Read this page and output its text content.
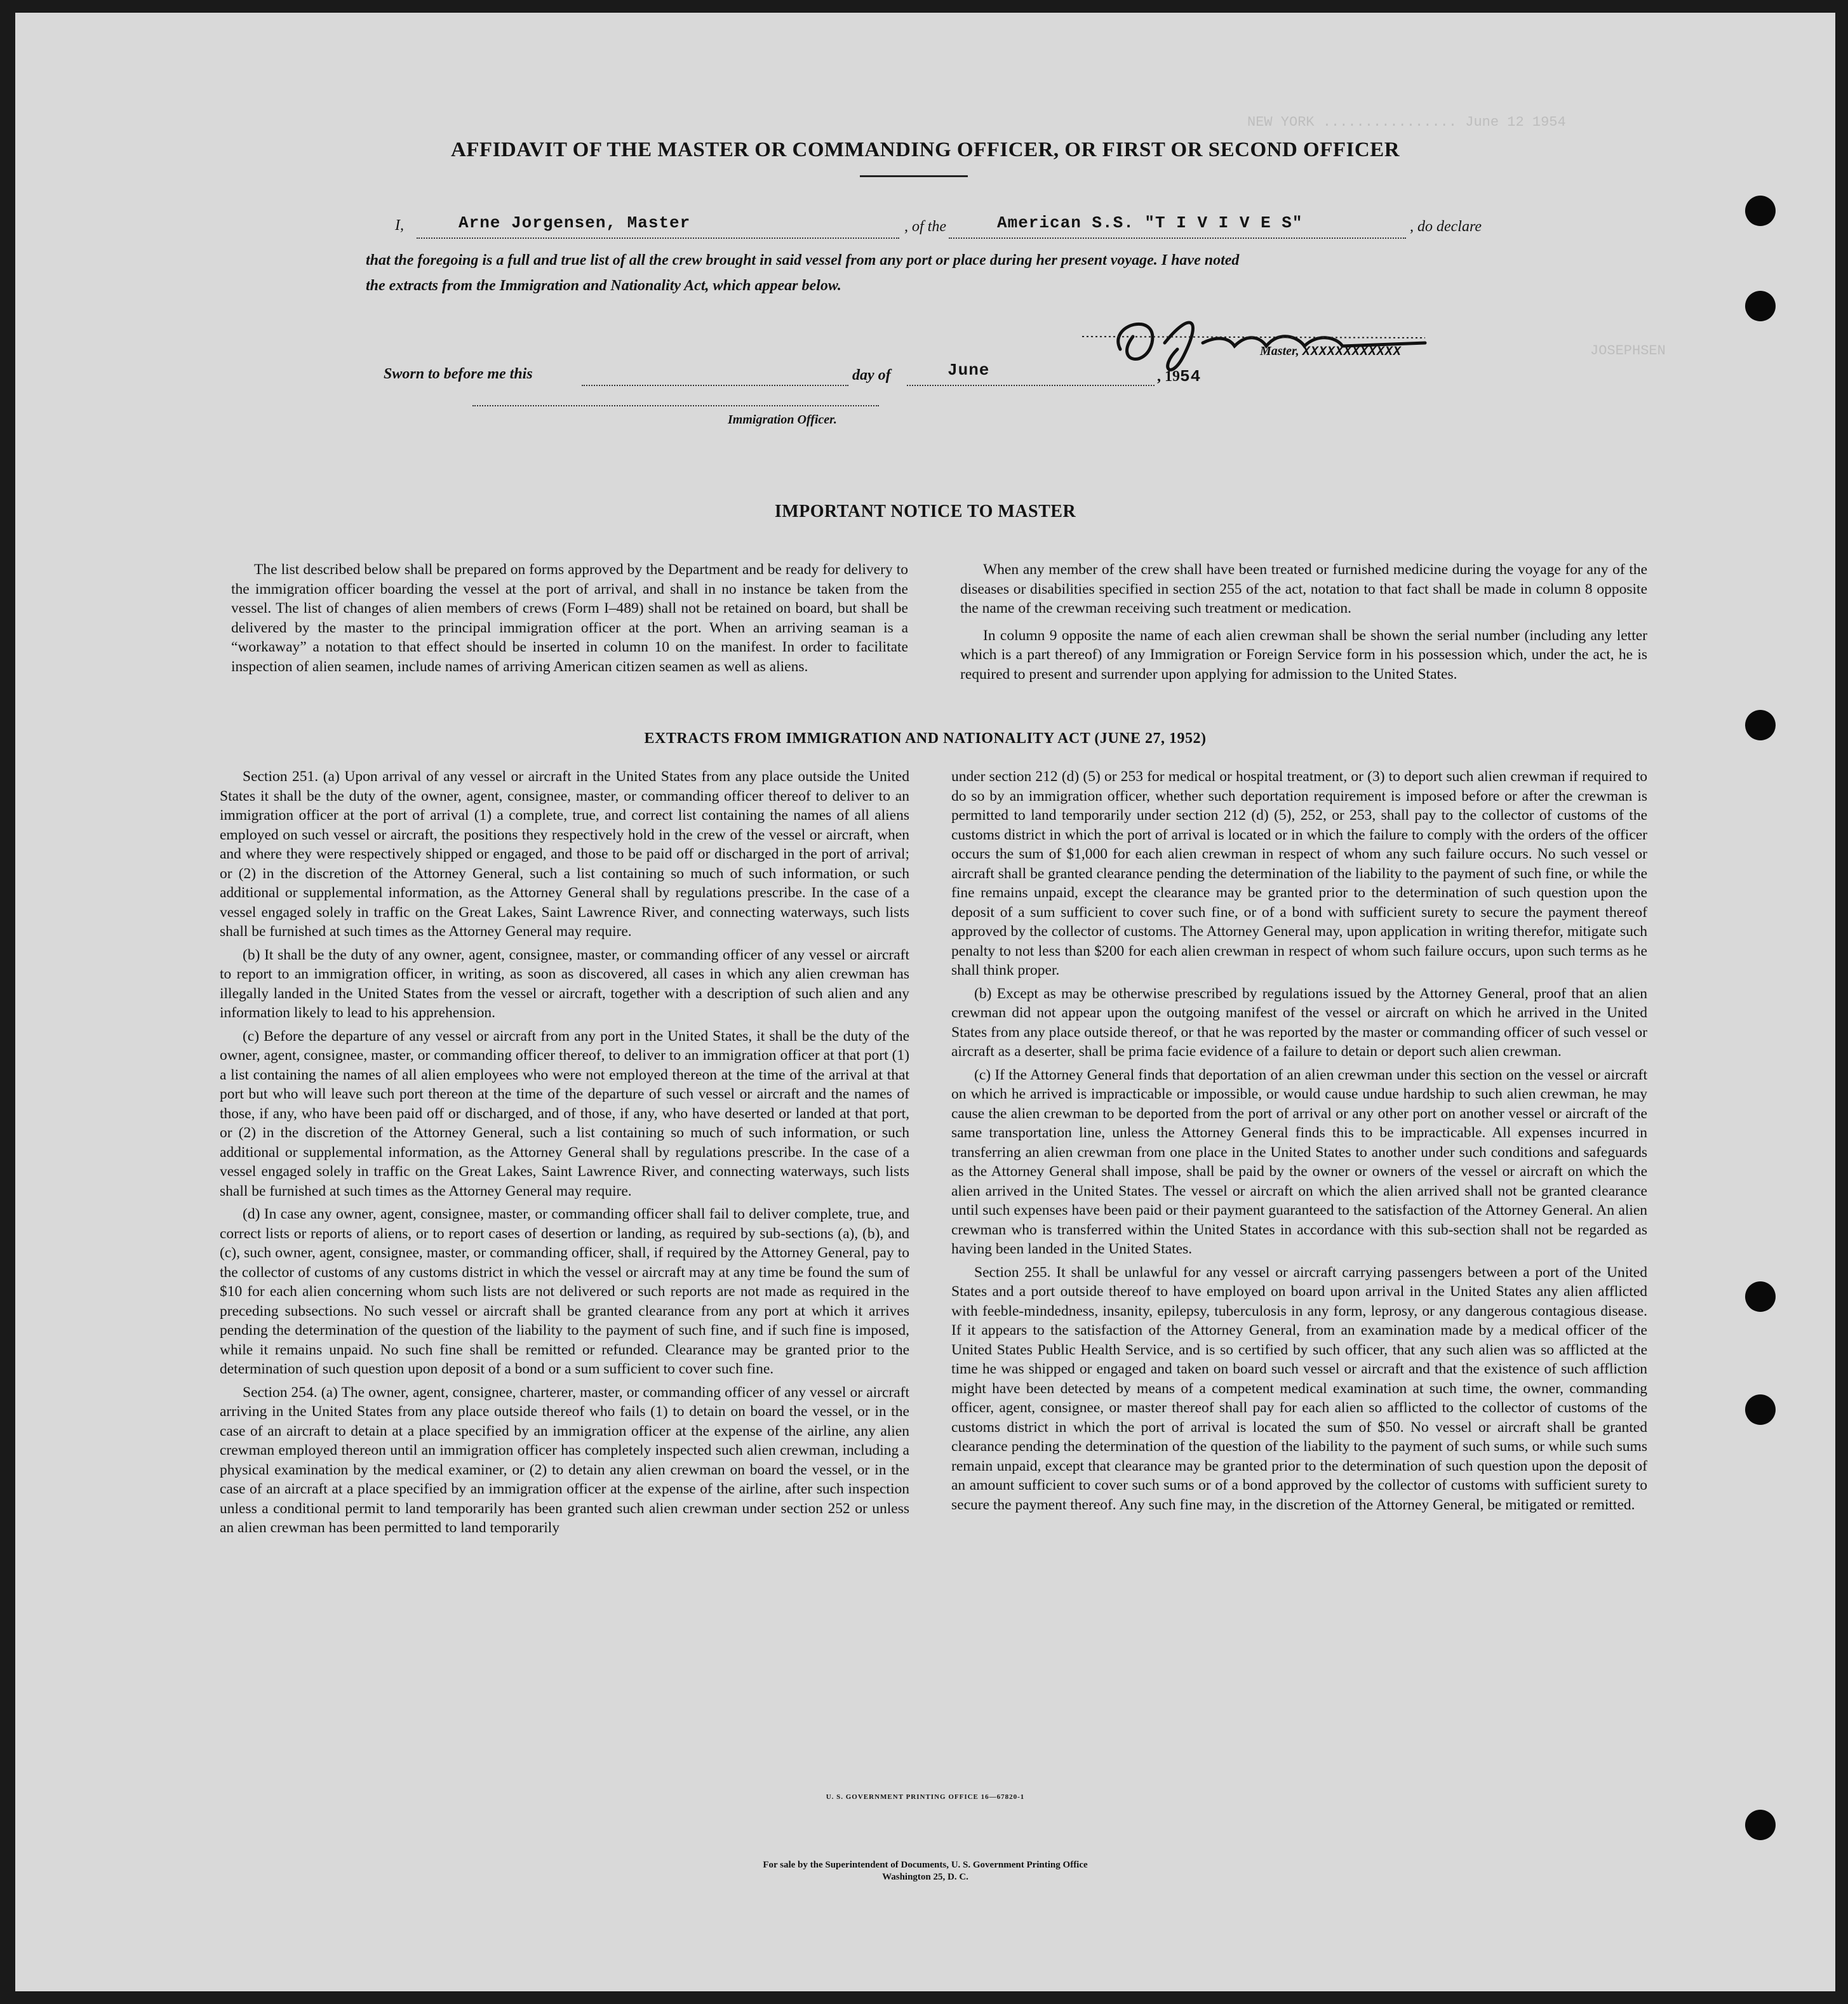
NEW YORK ................ June 12 1954
JOSEPHSEN
AFFIDAVIT OF THE MASTER OR COMMANDING OFFICER, OR FIRST OR SECOND OFFICER
I,	Arne Jorgensen, Master	, of the	American S.S. "T I V I V E S"	, do declare
that the foregoing is a full and true list of all the crew brought in said vessel from any port or place during her present voyage. I have noted
the extracts from the Immigration and Nationality Act, which appear below.
Master, XXXXXXXXXXXX
Sworn to before me this	day of	June	, 1954
Immigration Officer.
IMPORTANT NOTICE TO MASTER

The list described below shall be prepared on forms approved by the Department and be ready for delivery to the immigration officer boarding the vessel at the port of arrival, and shall in no instance be taken from the vessel. The list of changes of alien members of crews (Form I–489) shall not be retained on board, but shall be delivered by the master to the principal immigration officer at the port. When an arriving seaman is a “workaway” a notation to that effect should be inserted in column 10 on the manifest. In order to facilitate inspection of alien seamen, include names of arriving American citizen seamen as well as aliens.

When any member of the crew shall have been treated or furnished medicine during the voyage for any of the diseases or disabilities specified in section 255 of the act, notation to that fact shall be made in column 8 opposite the name of the crewman receiving such treatment or medication.

In column 9 opposite the name of each alien crewman shall be shown the serial number (including any letter which is a part thereof) of any Immigration or Foreign Service form in his possession which, under the act, he is required to present and surrender upon applying for admission to the United States.

EXTRACTS FROM IMMIGRATION AND NATIONALITY ACT (JUNE 27, 1952)

Section 251. (a) Upon arrival of any vessel or aircraft in the United States from any place outside the United States it shall be the duty of the owner, agent, consignee, master, or commanding officer thereof to deliver to an immigration officer at the port of arrival (1) a complete, true, and correct list containing the names of all aliens employed on such vessel or aircraft, the positions they respectively hold in the crew of the vessel or aircraft, when and where they were respectively shipped or engaged, and those to be paid off or discharged in the port of arrival; or (2) in the discretion of the Attorney General, such a list containing so much of such information, or such additional or supplemental information, as the Attorney General shall by regulations prescribe. In the case of a vessel engaged solely in traffic on the Great Lakes, Saint Lawrence River, and connecting waterways, such lists shall be furnished at such times as the Attorney General may require.

(b) It shall be the duty of any owner, agent, consignee, master, or commanding officer of any vessel or aircraft to report to an immigration officer, in writing, as soon as discovered, all cases in which any alien crewman has illegally landed in the United States from the vessel or aircraft, together with a description of such alien and any information likely to lead to his apprehension.

(c) Before the departure of any vessel or aircraft from any port in the United States, it shall be the duty of the owner, agent, consignee, master, or commanding officer thereof, to deliver to an immigration officer at that port (1) a list containing the names of all alien employees who were not employed thereon at the time of the arrival at that port but who will leave such port thereon at the time of the departure of such vessel or aircraft and the names of those, if any, who have been paid off or discharged, and of those, if any, who have deserted or landed at that port, or (2) in the discretion of the Attorney General, such a list containing so much of such information, or such additional or supplemental information, as the Attorney General shall by regulations prescribe. In the case of a vessel engaged solely in traffic on the Great Lakes, Saint Lawrence River, and connecting waterways, such lists shall be furnished at such times as the Attorney General may require.

(d) In case any owner, agent, consignee, master, or commanding officer shall fail to deliver complete, true, and correct lists or reports of aliens, or to report cases of desertion or landing, as required by sub-sections (a), (b), and (c), such owner, agent, consignee, master, or commanding officer, shall, if required by the Attorney General, pay to the collector of customs of any customs district in which the vessel or aircraft may at any time be found the sum of $10 for each alien concerning whom such lists are not delivered or such reports are not made as required in the preceding subsections. No such vessel or aircraft shall be granted clearance from any port at which it arrives pending the determination of the question of the liability to the payment of such fine, and if such fine is imposed, while it remains unpaid. No such fine shall be remitted or refunded. Clearance may be granted prior to the determination of such question upon deposit of a bond or a sum sufficient to cover such fine.

Section 254. (a) The owner, agent, consignee, charterer, master, or commanding officer of any vessel or aircraft arriving in the United States from any place outside thereof who fails (1) to detain on board the vessel, or in the case of an aircraft to detain at a place specified by an immigration officer at the expense of the airline, any alien crewman employed thereon until an immigration officer has completely inspected such alien crewman, including a physical examination by the medical examiner, or (2) to detain any alien crewman on board the vessel, or in the case of an aircraft at a place specified by an immigration officer at the expense of the airline, after such inspection unless a conditional permit to land temporarily has been granted such alien crewman under section 252 or unless an alien crewman has been permitted to land temporarily

under section 212 (d) (5) or 253 for medical or hospital treatment, or (3) to deport such alien crewman if required to do so by an immigration officer, whether such deportation requirement is imposed before or after the crewman is permitted to land temporarily under section 212 (d) (5), 252, or 253, shall pay to the collector of customs of the customs district in which the port of arrival is located or in which the failure to comply with the orders of the officer occurs the sum of $1,000 for each alien crewman in respect of whom any such failure occurs. No such vessel or aircraft shall be granted clearance pending the determination of the liability to the payment of such fine, or while the fine remains unpaid, except the clearance may be granted prior to the determination of such question upon the deposit of a sum sufficient to cover such fine, or of a bond with sufficient surety to secure the payment thereof approved by the collector of customs. The Attorney General may, upon application in writing therefor, mitigate such penalty to not less than $200 for each alien crewman in respect of whom such failure occurs, upon such terms as he shall think proper.

(b) Except as may be otherwise prescribed by regulations issued by the Attorney General, proof that an alien crewman did not appear upon the outgoing manifest of the vessel or aircraft on which he arrived in the United States from any place outside thereof, or that he was reported by the master or commanding officer of such vessel or aircraft as a deserter, shall be prima facie evidence of a failure to detain or deport such alien crewman.

(c) If the Attorney General finds that deportation of an alien crewman under this section on the vessel or aircraft on which he arrived is impracticable or impossible, or would cause undue hardship to such alien crewman, he may cause the alien crewman to be deported from the port of arrival or any other port on another vessel or aircraft of the same transportation line, unless the Attorney General finds this to be impracticable. All expenses incurred in transferring an alien crewman from one place in the United States to another under such conditions and safeguards as the Attorney General shall impose, shall be paid by the owner or owners of the vessel or aircraft on which the alien arrived in the United States. The vessel or aircraft on which the alien arrived shall not be granted clearance until such expenses have been paid or their payment guaranteed to the satisfaction of the Attorney General. An alien crewman who is transferred within the United States in accordance with this sub-section shall not be regarded as having been landed in the United States.

Section 255. It shall be unlawful for any vessel or aircraft carrying passengers between a port of the United States and a port outside thereof to have employed on board upon arrival in the United States any alien afflicted with feeble-mindedness, insanity, epilepsy, tuberculosis in any form, leprosy, or any dangerous contagious disease. If it appears to the satisfaction of the Attorney General, from an examination made by a medical officer of the United States Public Health Service, and is so certified by such officer, that any such alien was so afflicted at the time he was shipped or engaged and taken on board such vessel or aircraft and that the existence of such affliction might have been detected by means of a competent medical examination at such time, the owner, commanding officer, agent, consignee, or master thereof shall pay for each alien so afflicted to the collector of customs of the customs district in which the port of arrival is located the sum of $50. No vessel or aircraft shall be granted clearance pending the determination of the question of the liability to the payment of such sums, or while such sums remain unpaid, except that clearance may be granted prior to the determination of such question upon the deposit of an amount sufficient to cover such sums or of a bond approved by the collector of customs with sufficient surety to secure the payment thereof. Any such fine may, in the discretion of the Attorney General, be mitigated or remitted.

U. S. GOVERNMENT PRINTING OFFICE 16—67820-1
For sale by the Superintendent of Documents, U. S. Government Printing Office
Washington 25, D. C.
